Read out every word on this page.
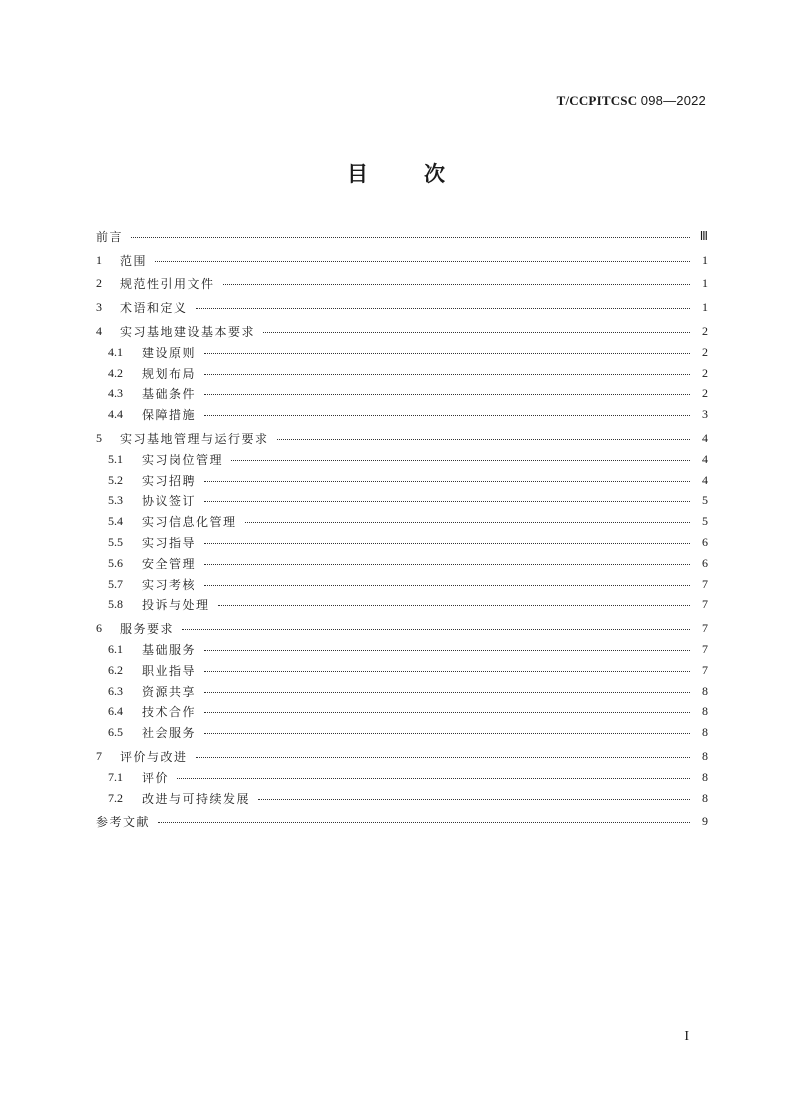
T/CCPITCSC 098—2022
目	次
前言	Ⅲ
1	范围	1
2	规范性引用文件	1
3	术语和定义	1
4	实习基地建设基本要求	2
4.1	建设原则	2
4.2	规划布局	2
4.3	基础条件	2
4.4	保障措施	3
5	实习基地管理与运行要求	4
5.1	实习岗位管理	4
5.2	实习招聘	4
5.3	协议签订	5
5.4	实习信息化管理	5
5.5	实习指导	6
5.6	安全管理	6
5.7	实习考核	7
5.8	投诉与处理	7
6	服务要求	7
6.1	基础服务	7
6.2	职业指导	7
6.3	资源共享	8
6.4	技术合作	8
6.5	社会服务	8
7	评价与改进	8
7.1	评价	8
7.2	改进与可持续发展	8
参考文献	9
I
